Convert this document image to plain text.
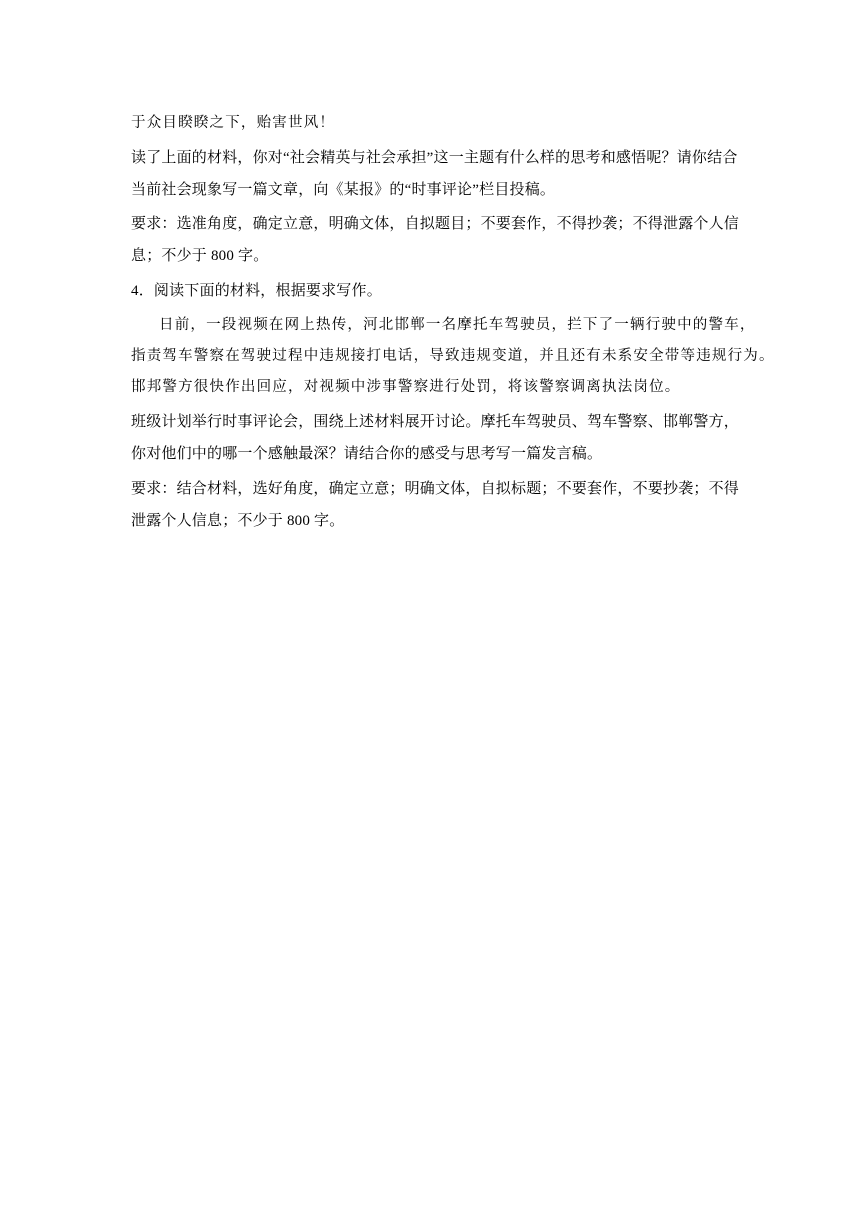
于众目睽睽之下，贻害世风！
读了上面的材料，你对“社会精英与社会承担”这一主题有什么样的思考和感悟呢？请你结合
当前社会现象写一篇文章，向《某报》的“时事评论”栏目投稿。
要求：选准角度，确定立意，明确文体，自拟题目；不要套作，不得抄袭；不得泄露个人信
息；不少于 800 字。
4．阅读下面的材料，根据要求写作。
日前，一段视频在网上热传，河北邯郸一名摩托车驾驶员，拦下了一辆行驶中的警车，
指责驾车警察在驾驶过程中违规接打电话，导致违规变道，并且还有未系安全带等违规行为。
邯邦警方很快作出回应，对视频中涉事警察进行处罚，将该警察调离执法岗位。
班级计划举行时事评论会，围绕上述材料展开讨论。摩托车驾驶员、驾车警察、邯郸警方，
你对他们中的哪一个感触最深？请结合你的感受与思考写一篇发言稿。
要求：结合材料，选好角度，确定立意；明确文体，自拟标题；不要套作，不要抄袭；不得
泄露个人信息；不少于 800 字。
